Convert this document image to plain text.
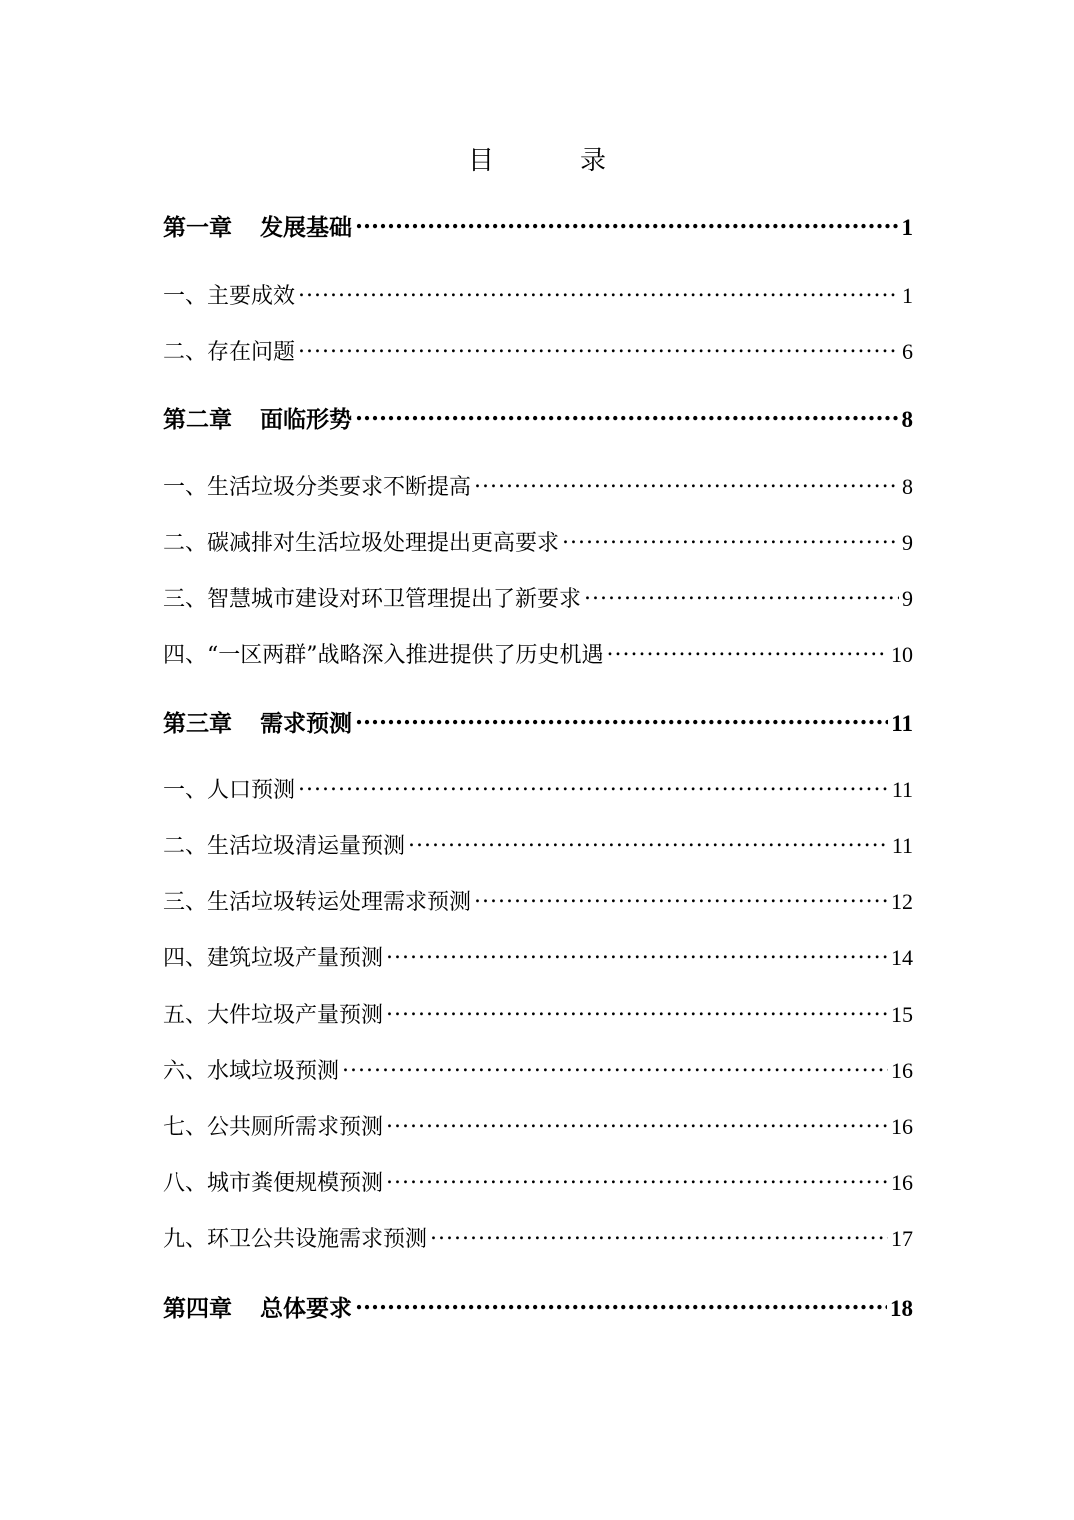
目　录
第一章 发展基础 .....	1
一、主要成效 .....	1
二、存在问题 .....	6
第二章 面临形势 .....	8
一、生活垃圾分类要求不断提高 .....	8
二、碳减排对生活垃圾处理提出更高要求 .....	9
三、智慧城市建设对环卫管理提出了新要求 .....	9
四、“一区两群”战略深入推进提供了历史机遇 .....	10
第三章 需求预测 .....	11
一、人口预测 .....	11
二、生活垃圾清运量预测 .....	11
三、生活垃圾转运处理需求预测 .....	12
四、建筑垃圾产量预测 .....	14
五、大件垃圾产量预测 .....	15
六、水域垃圾预测 .....	16
七、公共厕所需求预测 .....	16
八、城市粪便规模预测 .....	16
九、环卫公共设施需求预测 .....	17
第四章 总体要求 .....	18
